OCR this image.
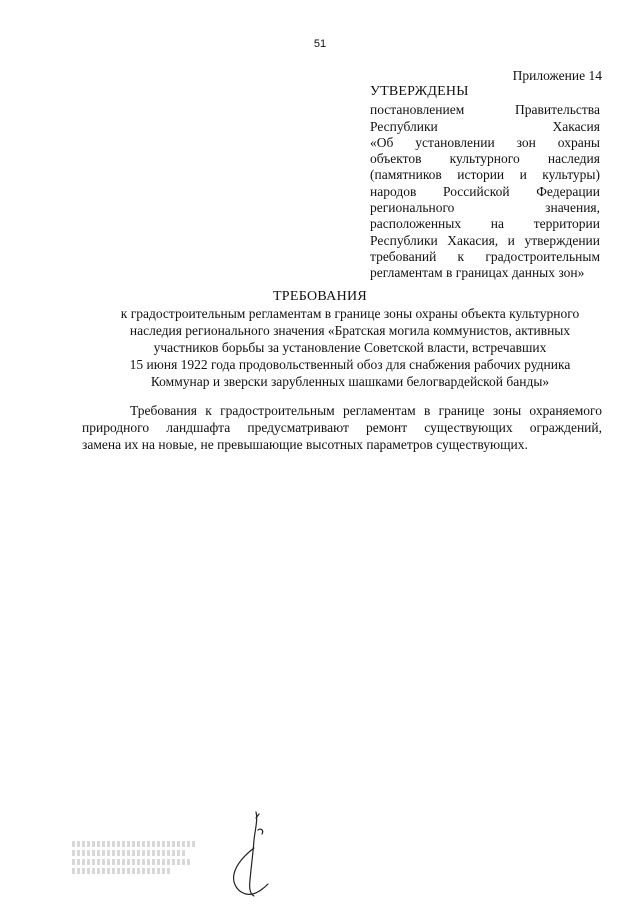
51
Приложение 14
УТВЕРЖДЕНЫ
постановлением Правительства
Республики Хакасия
«Об установлении зон охраны
объектов культурного наследия
(памятников истории и культуры)
народов Российской Федерации
регионального значения,
расположенных на территории
Республики Хакасия, и утверждении
требований к градостроительным
регламентам в границах данных зон»
ТРЕБОВАНИЯ
к градостроительным регламентам в границе зоны охраны объекта культурного
наследия регионального значения «Братская могила коммунистов, активных
участников борьбы за установление Советской власти, встречавших
15 июня 1922 года продовольственный обоз для снабжения рабочих рудника
Коммунар и зверски зарубленных шашками белогвардейской банды»
Требования к градостроительным регламентам в границе зоны охраняемого
природного ландшафта предусматривают ремонт существующих ограждений,
замена их на новые, не превышающие высотных параметров существующих.
